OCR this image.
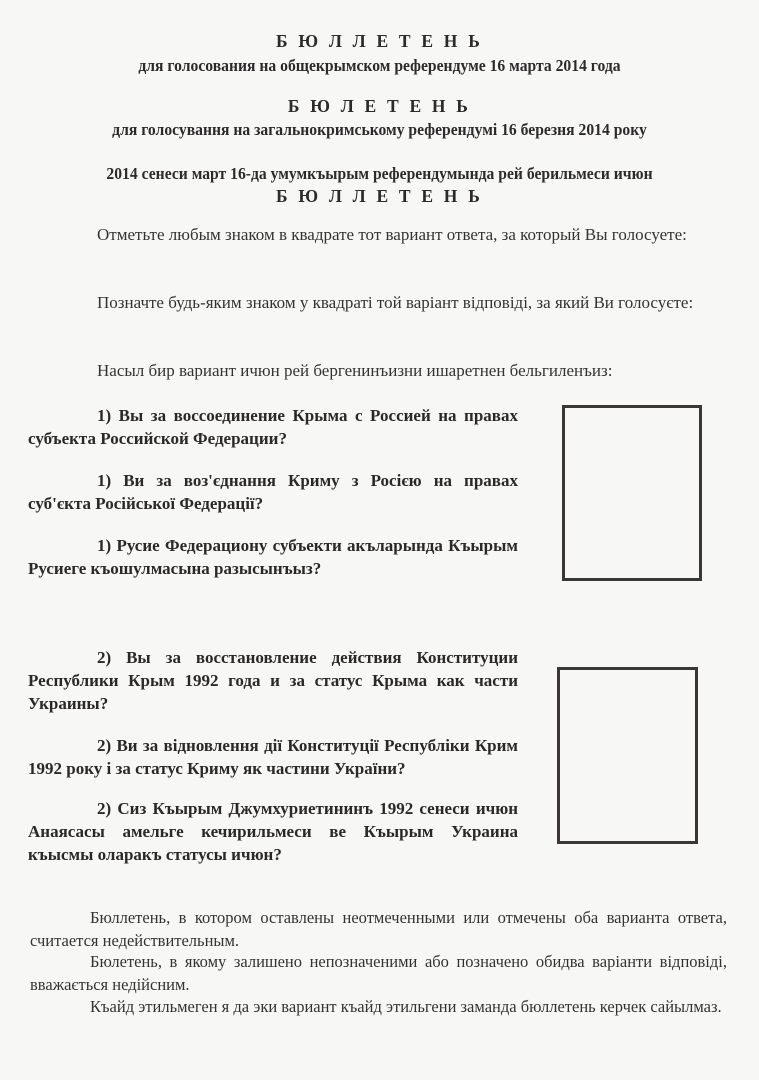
Б Ю Л Л Е Т Е Н Ь
для голосования на общекрымском референдуме 16 марта 2014 года
Б Ю Л Е Т Е Н Ь
для голосування на загальнокримському референдумі 16 березня 2014 року
2014 сенеси март 16-да умумкъырым референдумында рей берильмеси ичюн
Б Ю Л Л Е Т Е Н Ь
Отметьте любым знаком в квадрате тот вариант ответа, за который Вы голосуете:
Позначте будь-яким знаком у квадраті той варіант відповіді, за який Ви голосуєте:
Насыл бир вариант ичюн рей бергенинъизни ишаретнен бельгиленъиз:
1) Вы за воссоединение Крыма с Россией на правах субъекта Российской Федерации?
1) Ви за воз'єднання Криму з Росією на правах суб'єкта Російської Федерації?
1) Русие Федерациону субъекти акъларында Къырым Русиеге къошулмасына разысынъыз?
2) Вы за восстановление действия Конституции Республики Крым 1992 года и за статус Крыма как части Украины?
2) Ви за відновлення дії Конституції Республіки Крим 1992 року і за статус Криму як частини України?
2) Сиз Къырым Джумхуриетининъ 1992 сенеси ичюн Анаясасы амельге кечирильмеси ве Къырым Украина къысмы оларакъ статусы ичюн?
Бюллетень, в котором оставлены неотмеченными или отмечены оба варианта ответа, считается недействительным.
Бюлетень, в якому залишено непозначеними або позначено обидва варіанти відповіді, вважається недійсним.
Къайд этильмеген я да эки вариант къайд этильгени заманда бюллетень керчек сайылмаз.
